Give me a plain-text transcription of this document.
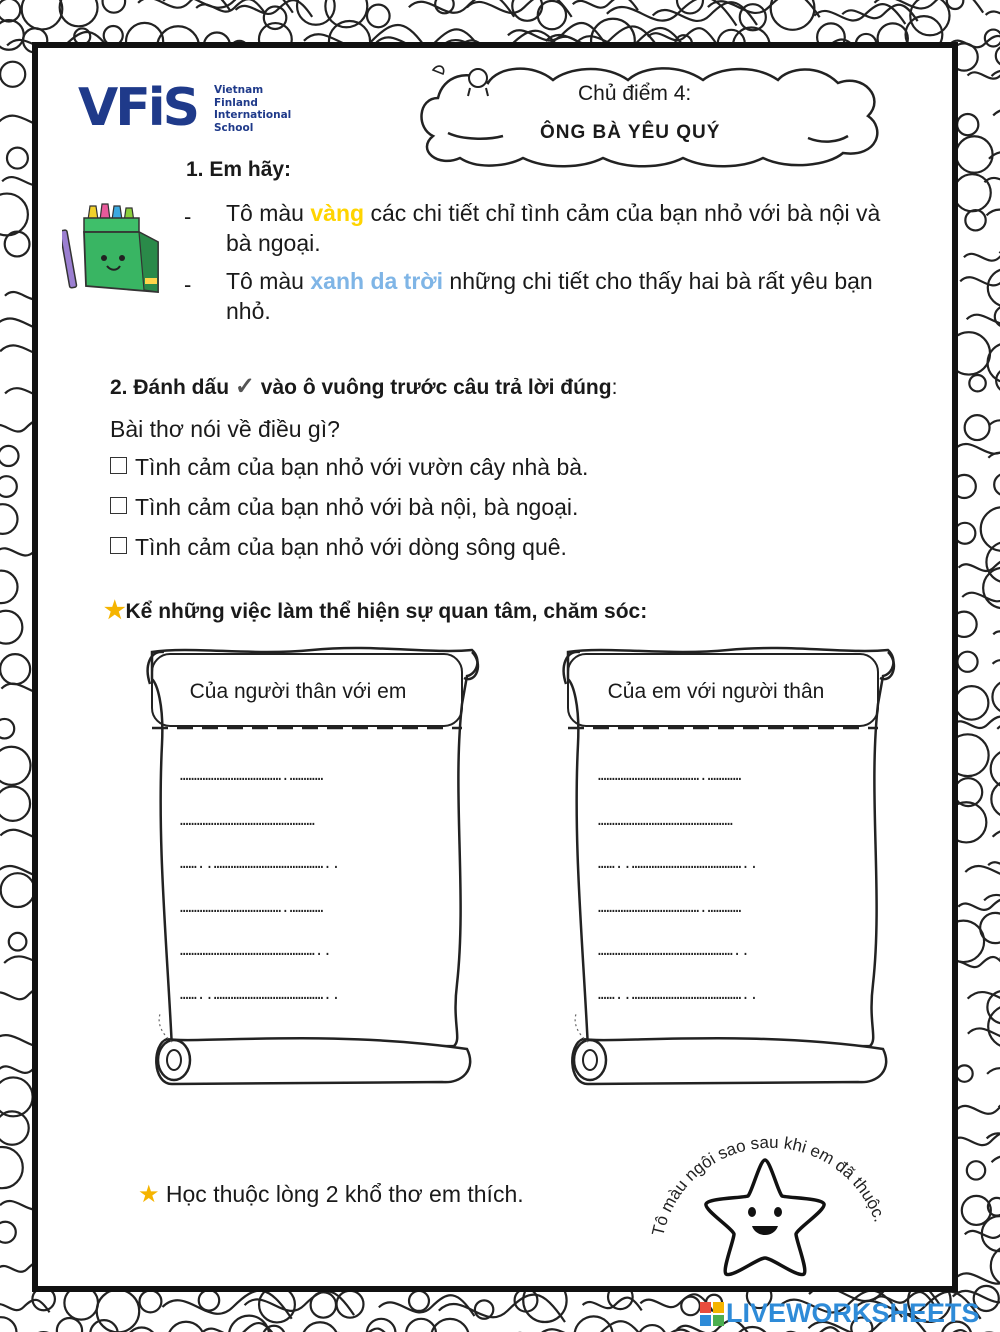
VFiS Vietnam
Finland
International
School
Chủ điểm 4:
ÔNG BÀ YÊU QUÝ
1. Em hãy:
- Tô màu vàng các chi tiết chỉ tình cảm của bạn nhỏ với bà nội và bà ngoại.
- Tô màu xanh da trời những chi tiết cho thấy hai bà rất yêu bạn nhỏ.
2. Đánh dấu ✓ vào ô vuông trước câu trả lời đúng:
Bài thơ nói về điều gì?
Tình cảm của bạn nhỏ với vườn cây nhà bà.
Tình cảm của bạn nhỏ với bà nội, bà ngoại.
Tình cảm của bạn nhỏ với dòng sông quê.
★Kể những việc làm thể hiện sự quan tâm, chăm sóc:
Của người thân với em
……………………………….…………
…………………………………………
……..…………………………………..
……………………………….…………
…………………………………………..
……..…………………………………..
Của em với người thân
……………………………….…………
…………………………………………
……..…………………………………..
……………………………….…………
…………………………………………..
……..…………………………………..
★ Học thuộc lòng 2 khổ thơ em thích.
Tô màu ngôi sao sau khi em đã thuộc.
LIVEWORKSHEETS
